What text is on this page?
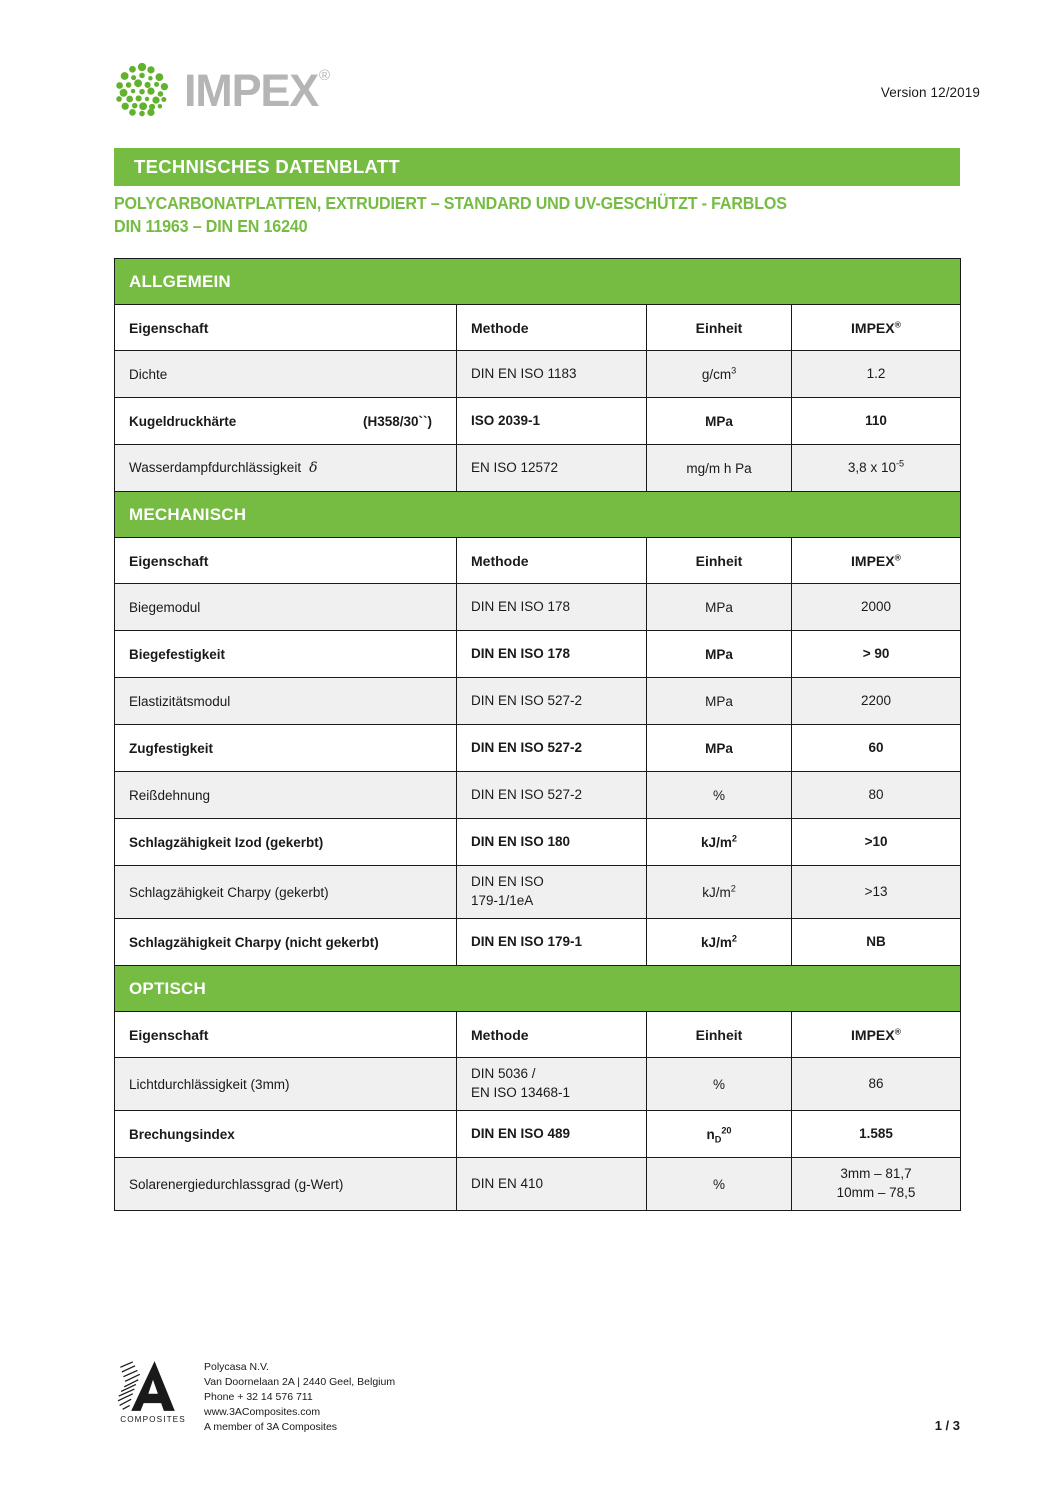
IMPEX®
Version 12/2019
TECHNISCHES DATENBLATT
POLYCARBONATPLATTEN, EXTRUDIERT – STANDARD UND UV-GESCHÜTZT - FARBLOS
DIN 11963 – DIN EN 16240
ALLGEMEIN			
Eigenschaft	Methode	Einheit	IMPEX®
Dichte	DIN EN ISO 1183	$g/cm^3$	1.2

Kugeldruckhärte (H358/30``)	ISO 2039-1	MPa	110
Wasserdampfdurchlässigkeit δ	EN ISO 12572	mg/m h Pa	3,8 x $10^{-5}$
MECHANISCH			
Eigenschaft	Methode	Einheit	IMPEX®
Biegemodul	DIN EN ISO 178	MPa	2000
Biegefestigkeit	DIN EN ISO 178	MPa	> 90
Elastizitätsmodul	DIN EN ISO 527-2	MPa	2200
Zugfestigkeit	DIN EN ISO 527-2	MPa	60
Reißdehnung	DIN EN ISO 527-2	%	80
Schlagzähigkeit Izod (gekerbt)	DIN EN ISO 180	$kJ/m^2$	>10
Schlagzähigkeit Charpy (gekerbt)	DIN EN ISO
179-1/1eA	$kJ/m^2$	>13
Schlagzähigkeit Charpy (nicht gekerbt)	DIN EN ISO 179-1	$kJ/m^2$	NB
OPTISCH			
Eigenschaft	Methode	Einheit	IMPEX®
Lichtdurchlässigkeit (3mm)	DIN 5036 /
EN ISO 13468-1	%	86
Brechungsindex	DIN EN ISO 489	$n_D^{20}$	1.585
Solarenergiedurchlassgrad (g-Wert)	DIN EN 410	%	3mm – 81,7
10mm – 78,5
COMPOSITES
Polycasa N.V.
Van Doornelaan 2A | 2440 Geel, Belgium
Phone + 32 14 576 711
www.3AComposites.com
A member of 3A Composites	1 / 3
